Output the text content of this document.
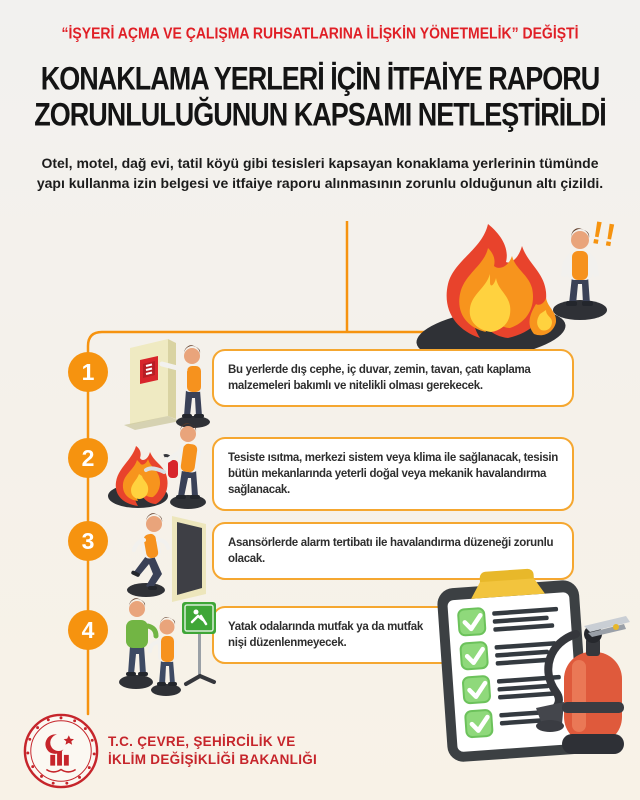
“İŞYERİ AÇMA VE ÇALIŞMA RUHSATLARINA İLİŞKİN YÖNETMELİK” DEĞİŞTİ
KONAKLAMA YERLERİ İÇİN İTFAİYE RAPORU
ZORUNLULUĞUNUN KAPSAMI NETLEŞTİRİLDİ
Otel, motel, dağ evi, tatil köyü gibi tesisleri kapsayan konaklama yerlerinin tümünde yapı kullanma izin belgesi ve itfaiye raporu alınmasının zorunlu olduğunun altı çizildi.
!!
1	Bu yerlerde dış cephe, iç duvar, zemin, tavan, çatı kaplama malzemeleri bakımlı ve nitelikli olması gerekecek.

2	Tesiste ısıtma, merkezi sistem veya klima ile sağlanacak, tesisin bütün mekanlarında yeterli doğal veya mekanik havalandırma sağlanacak.

3	Asansörlerde alarm tertibatı ile havalandırma düzeneği zorunlu olacak.

4	Yatak odalarında mutfak ya da mutfak nişi düzenlenmeyecek.

T.C. ÇEVRE, ŞEHİRCİLİK VE
İKLİM DEĞİŞİKLİĞİ BAKANLIĞI
